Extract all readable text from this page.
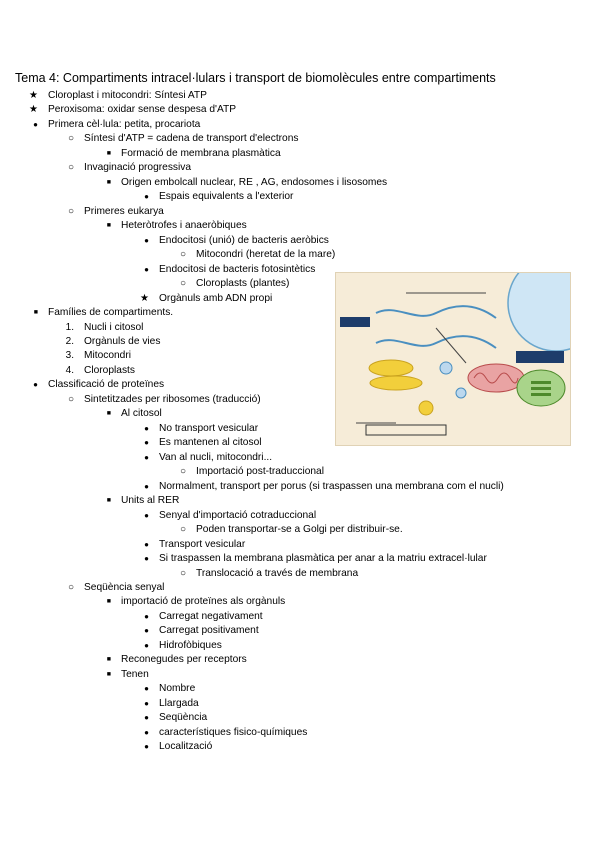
Tema 4: Compartiments intracel·lulars i transport de biomolècules entre compartiments
★ Cloroplast i mitocondri: Síntesi ATP
★ Peroxisoma: oxidar sense despesa d'ATP
● Primera cèl·lula: petita, procariota
○ Síntesi d'ATP = cadena de transport d'electrons
■ Formació de membrana plasmàtica
○ Invaginació progressiva
■ Origen embolcall nuclear, RE , AG, endosomes i lisosomes
● Espais equivalents a l'exterior
○ Primeres eukarya
■ Heteròtrofes i anaeròbiques
● Endocitosi (unió) de bacteris aeròbics
○ Mitocondri (heretat de la mare)
● Endocitosi de bacteris fotosintètics
○ Cloroplasts (plantes)
★ Orgànuls amb ADN propi
■ Famílies de compartiments.
1. Nucli i citosol
2. Orgànuls de vies
3. Mitocondri
4. Cloroplasts
● Classificació de proteïnes
○ Sintetitzades per ribosomes (traducció)
■ Al citosol
● No transport vesicular
● Es mantenen al citosol
● Van al nucli, mitocondri...
○ Importació post-traduccional
● Normalment, transport per porus (si traspassen una membrana com el nucli)
■ Units al RER
● Senyal d'importació cotraduccional
○ Poden transportar-se a Golgi per distribuir-se.
● Transport vesicular
● Si traspassen la membrana plasmàtica per anar a la matriu extracel·lular
○ Translocació a través de membrana
○ Seqüència senyal
■ importació de proteïnes als orgànuls
● Carregat negativament
● Carregat positivament
● Hidrofòbiques
■ Reconegudes per receptors
■ Tenen
● Nombre
● Llargada
● Seqüència
● característiques fisico-químiques
● Localització
